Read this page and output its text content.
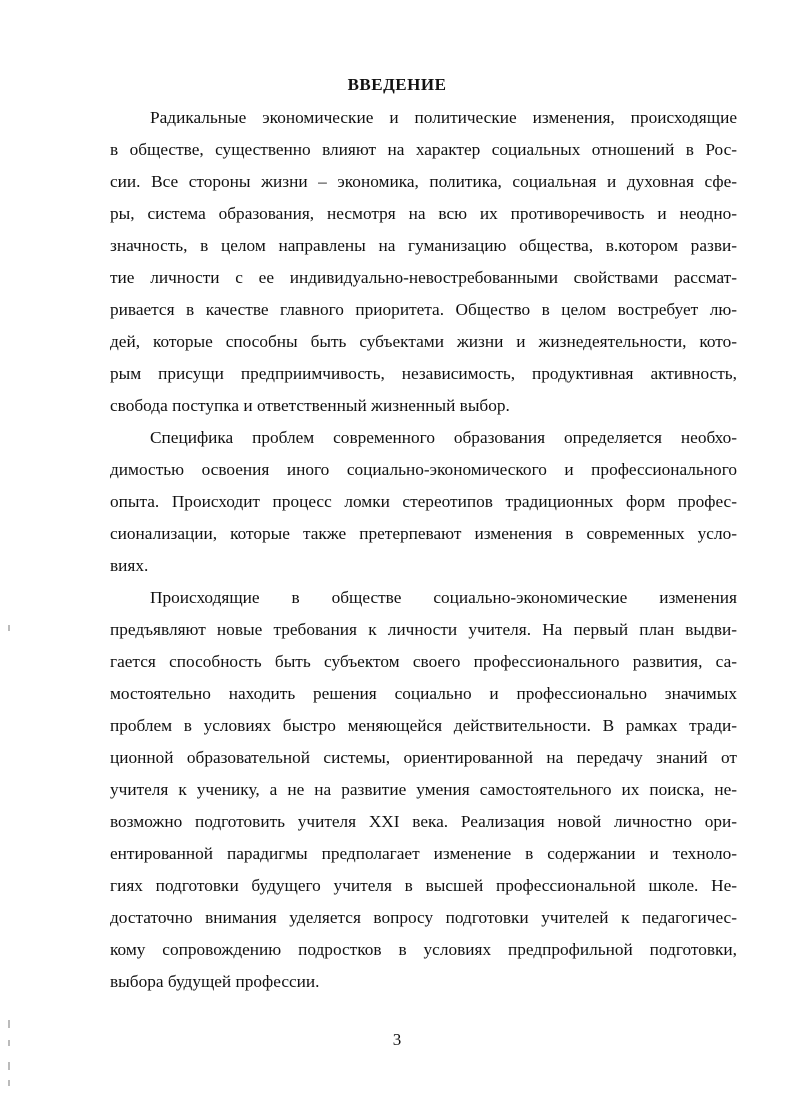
ВВЕДЕНИЕ
Радикальные экономические и политические изменения, происходящие
в обществе, существенно влияют на характер социальных отношений в Рос-
сии. Все стороны жизни – экономика, политика, социальная и духовная сфе-
ры, система образования, несмотря на всю их противоречивость и неодно-
значность, в целом направлены на гуманизацию общества, в.котором разви-
тие личности с ее индивидуально-невостребованными свойствами рассмат-
ривается в качестве главного приоритета. Общество в целом востребует лю-
дей, которые способны быть субъектами жизни и жизнедеятельности, кото-
рым присущи предприимчивость, независимость, продуктивная активность,
свобода поступка и ответственный жизненный выбор.
Специфика проблем современного образования определяется необхо-
димостью освоения иного социально-экономического и профессионального
опыта. Происходит процесс ломки стереотипов традиционных форм профес-
сионализации, которые также претерпевают изменения в современных усло-
виях.
Происходящие в обществе социально-экономические изменения
предъявляют новые требования к личности учителя. На первый план выдви-
гается способность быть субъектом своего профессионального развития, са-
мостоятельно находить решения социально и профессионально значимых
проблем в условиях быстро меняющейся действительности. В рамках тради-
ционной образовательной системы, ориентированной на передачу знаний от
учителя к ученику, а не на развитие умения самостоятельного их поиска, не-
возможно подготовить учителя XXI века. Реализация новой личностно ори-
ентированной парадигмы предполагает изменение в содержании и техноло-
гиях подготовки будущего учителя в высшей профессиональной школе. Не-
достаточно внимания уделяется вопросу подготовки учителей к педагогичес-
кому сопровождению подростков в условиях предпрофильной подготовки,
выбора будущей профессии.
3
